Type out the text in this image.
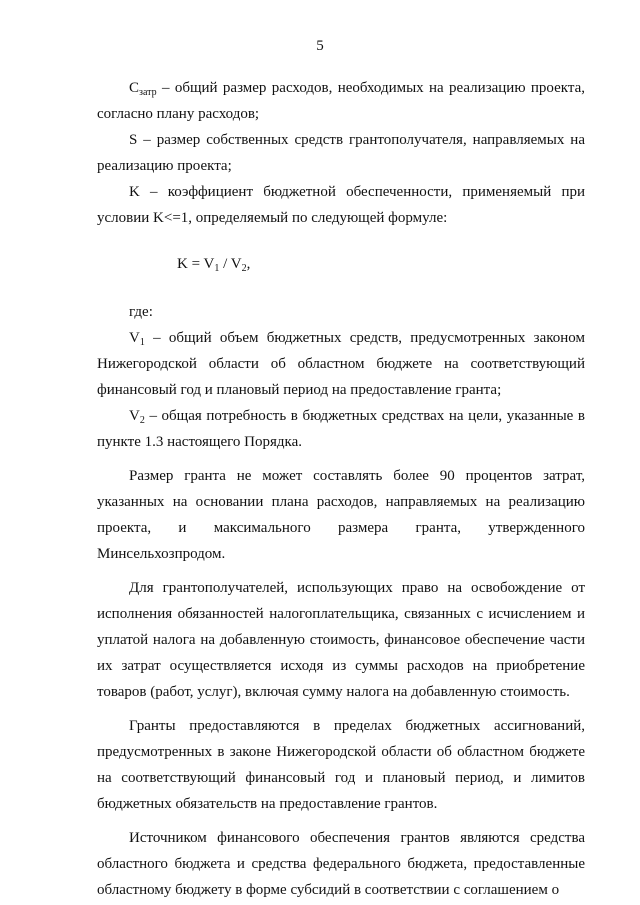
5

$С_{затр}$ – общий размер расходов, необходимых на реализацию проекта, согласно плану расходов;

S – размер собственных средств грантополучателя, направляемых на реализацию проекта;

K – коэффициент бюджетной обеспеченности, применяемый при условии K<=1, определяемый по следующей формуле:

$K = V_1 / V_2$,

где:

$V_1$ – общий объем бюджетных средств, предусмотренных законом Нижегородской области об областном бюджете на соответствующий финансовый год и плановый период на предоставление гранта;

$V_2$ – общая потребность в бюджетных средствах на цели, указанные в пункте 1.3 настоящего Порядка.

Размер гранта не может составлять более 90 процентов затрат, указанных на основании плана расходов, направляемых на реализацию проекта, и максимального размера гранта, утвержденного Минсельхозпродом.

Для грантополучателей, использующих право на освобождение от исполнения обязанностей налогоплательщика, связанных с исчислением и уплатой налога на добавленную стоимость, финансовое обеспечение части их затрат осуществляется исходя из суммы расходов на приобретение товаров (работ, услуг), включая сумму налога на добавленную стоимость.

Гранты предоставляются в пределах бюджетных ассигнований, предусмотренных в законе Нижегородской области об областном бюджете на соответствующий финансовый год и плановый период, и лимитов бюджетных обязательств на предоставление грантов.

Источником финансового обеспечения грантов являются средства областного бюджета и средства федерального бюджета, предоставленные областному бюджету в форме субсидий в соответствии с соглашением о
